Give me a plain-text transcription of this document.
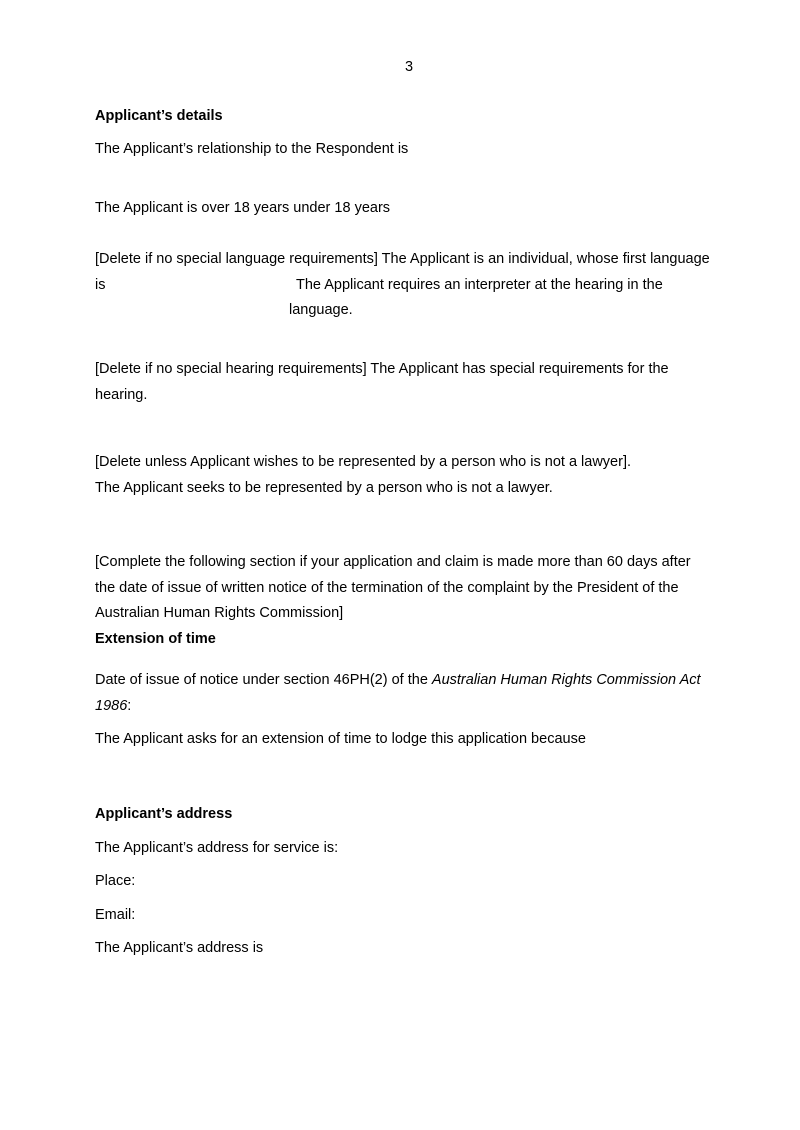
3
Applicant’s details
The Applicant’s relationship to the Respondent is
The Applicant is over 18 years under 18 years
[Delete if no special language requirements] The Applicant is an individual, whose first language
is	The Applicant requires an interpreter at the hearing in the
language.
[Delete if no special hearing requirements] The Applicant has special requirements for the
hearing.
[Delete unless Applicant wishes to be represented by a person who is not a lawyer].
The Applicant seeks to be represented by a person who is not a lawyer.
[Complete the following section if your application and claim is made more than 60 days after
the date of issue of written notice of the termination of the complaint by the President of the
Australian Human Rights Commission]
Extension of time
Date of issue of notice under section 46PH(2) of the Australian Human Rights Commission Act
1986:
The Applicant asks for an extension of time to lodge this application because
Applicant’s address
The Applicant’s address for service is:
Place:
Email:
The Applicant’s address is
